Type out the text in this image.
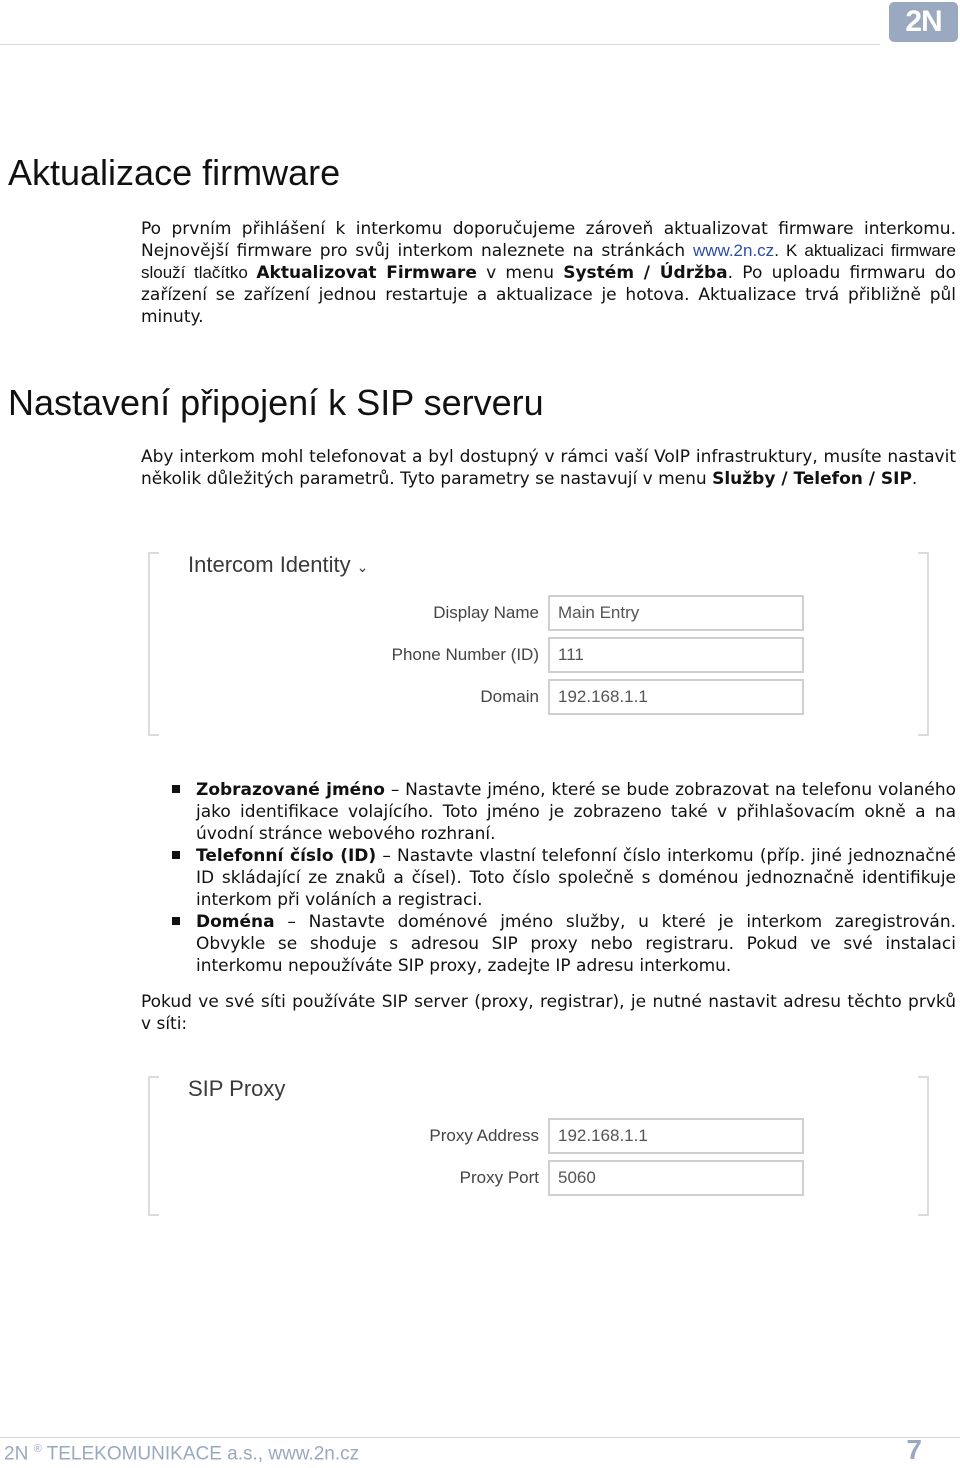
2N
Aktualizace firmware
Po prvním přihlášení k interkomu doporučujeme zároveň aktualizovat firmware interkomu. Nejnovější firmware pro svůj interkom naleznete na stránkách www.2n.cz. K aktualizaci firmware slouží tlačítko Aktualizovat Firmware v menu Systém / Údržba. Po uploadu firmwaru do zařízení se zařízení jednou restartuje a aktualizace je hotova. Aktualizace trvá přibližně půl minuty.
Nastavení připojení k SIP serveru
Aby interkom mohl telefonovat a byl dostupný v rámci vaší VoIP infrastruktury, musíte nastavit několik důležitých parametrů. Tyto parametry se nastavují v menu Služby / Telefon / SIP.
Intercom Identity ⌄
Display Name	Main Entry
Phone Number (ID)	111
Domain	192.168.1.1
Zobrazované jméno – Nastavte jméno, které se bude zobrazovat na telefonu volaného jako identifikace volajícího. Toto jméno je zobrazeno také v přihlašovacím okně a na úvodní stránce webového rozhraní.
Telefonní číslo (ID) – Nastavte vlastní telefonní číslo interkomu (příp. jiné jednoznačné ID skládající ze znaků a čísel). Toto číslo společně s doménou jednoznačně identifikuje interkom při voláních a registraci.
Doména – Nastavte doménové jméno služby, u které je interkom zaregistrován. Obvykle se shoduje s adresou SIP proxy nebo registraru. Pokud ve své instalaci interkomu nepoužíváte SIP proxy, zadejte IP adresu interkomu.
Pokud ve své síti používáte SIP server (proxy, registrar), je nutné nastavit adresu těchto prvků v síti:
SIP Proxy
Proxy Address	192.168.1.1
Proxy Port	5060
2N ® TELEKOMUNIKACE a.s., www.2n.cz	7
